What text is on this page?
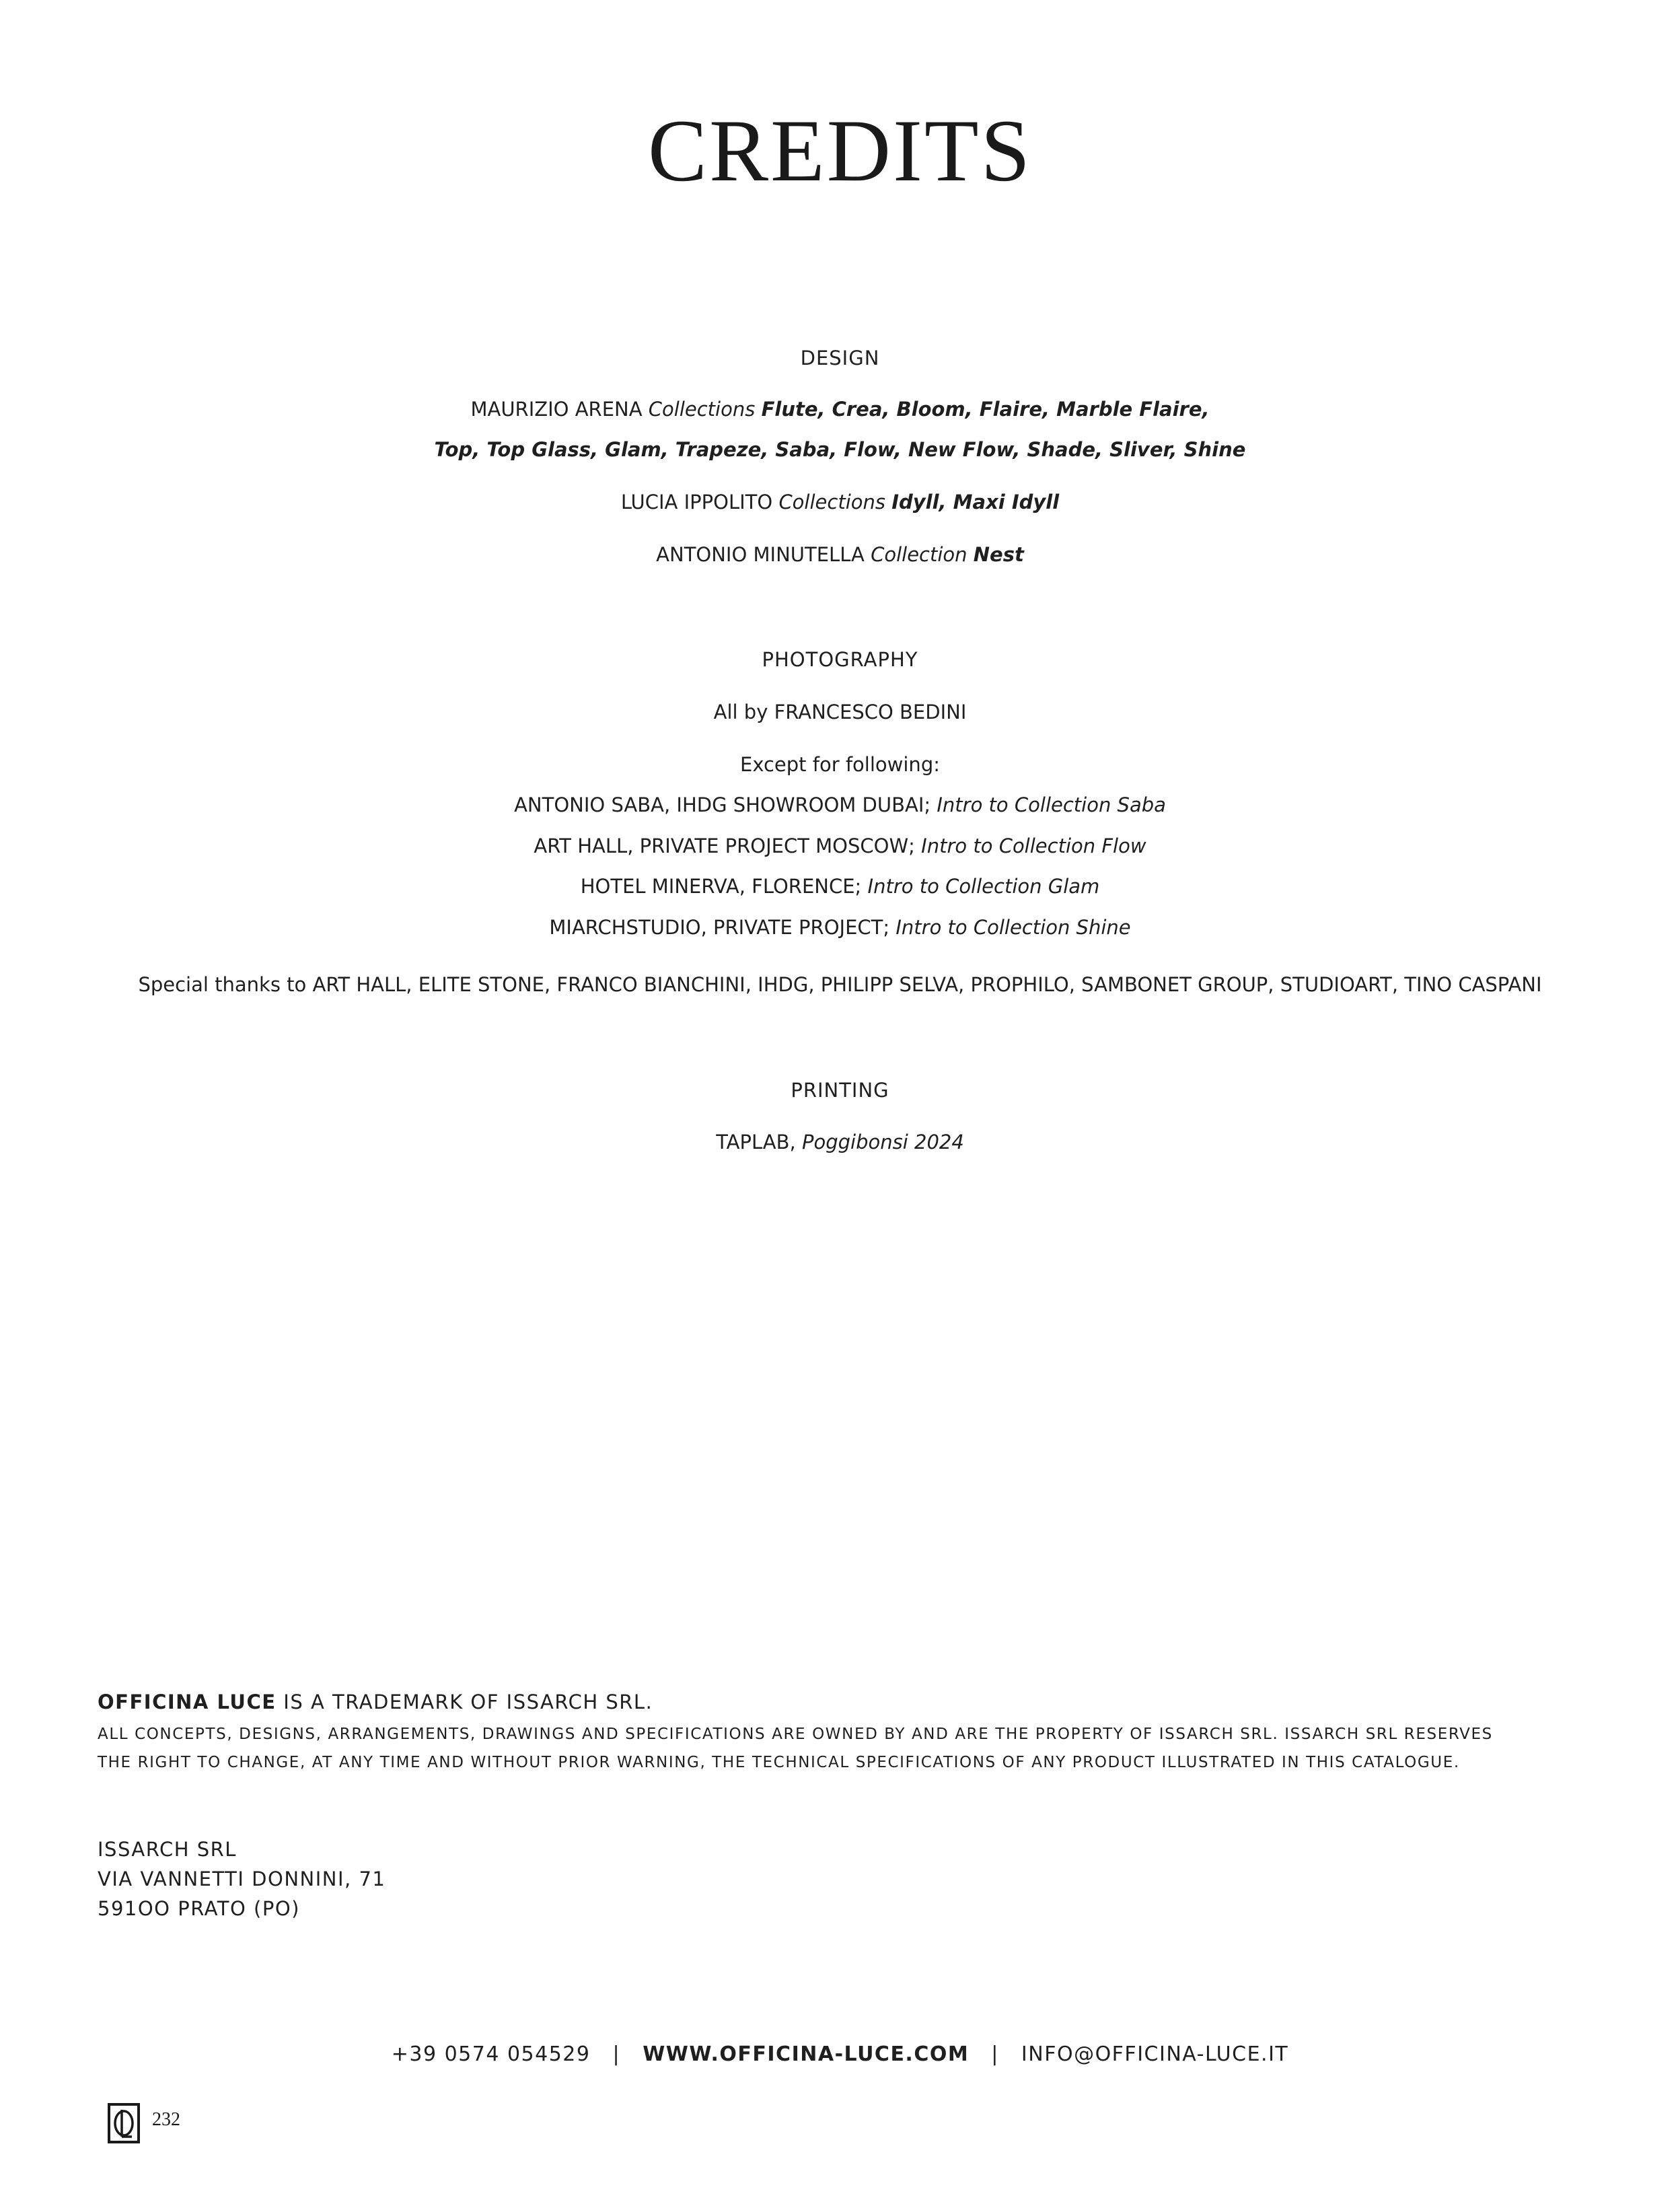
CREDITS
DESIGN
MAURIZIO ARENA Collections Flute, Crea, Bloom, Flaire, Marble Flaire,
Top, Top Glass, Glam, Trapeze, Saba, Flow, New Flow, Shade, Sliver, Shine
LUCIA IPPOLITO Collections Idyll, Maxi Idyll
ANTONIO MINUTELLA Collection Nest
PHOTOGRAPHY
All by FRANCESCO BEDINI
Except for following:
ANTONIO SABA, IHDG SHOWROOM DUBAI; Intro to Collection Saba
ART HALL, PRIVATE PROJECT MOSCOW; Intro to Collection Flow
HOTEL MINERVA, FLORENCE; Intro to Collection Glam
MIARCHSTUDIO, PRIVATE PROJECT; Intro to Collection Shine
Special thanks to ART HALL, ELITE STONE, FRANCO BIANCHINI, IHDG, PHILIPP SELVA, PROPHILO, SAMBONET GROUP, STUDIOART, TINO CASPANI
PRINTING
TAPLAB, Poggibonsi 2024
OFFICINA LUCE IS A TRADEMARK OF ISSARCH SRL.
ALL CONCEPTS, DESIGNS, ARRANGEMENTS, DRAWINGS AND SPECIFICATIONS ARE OWNED BY AND ARE THE PROPERTY OF ISSARCH SRL. ISSARCH SRL RESERVES
THE RIGHT TO CHANGE, AT ANY TIME AND WITHOUT PRIOR WARNING, THE TECHNICAL SPECIFICATIONS OF ANY PRODUCT ILLUSTRATED IN THIS CATALOGUE.
ISSARCH SRL
VIA VANNETTI DONNINI, 71
591OO PRATO (PO)
+39 0574 054529 | WWW.OFFICINA-LUCE.COM | INFO@OFFICINA-LUCE.IT
232
